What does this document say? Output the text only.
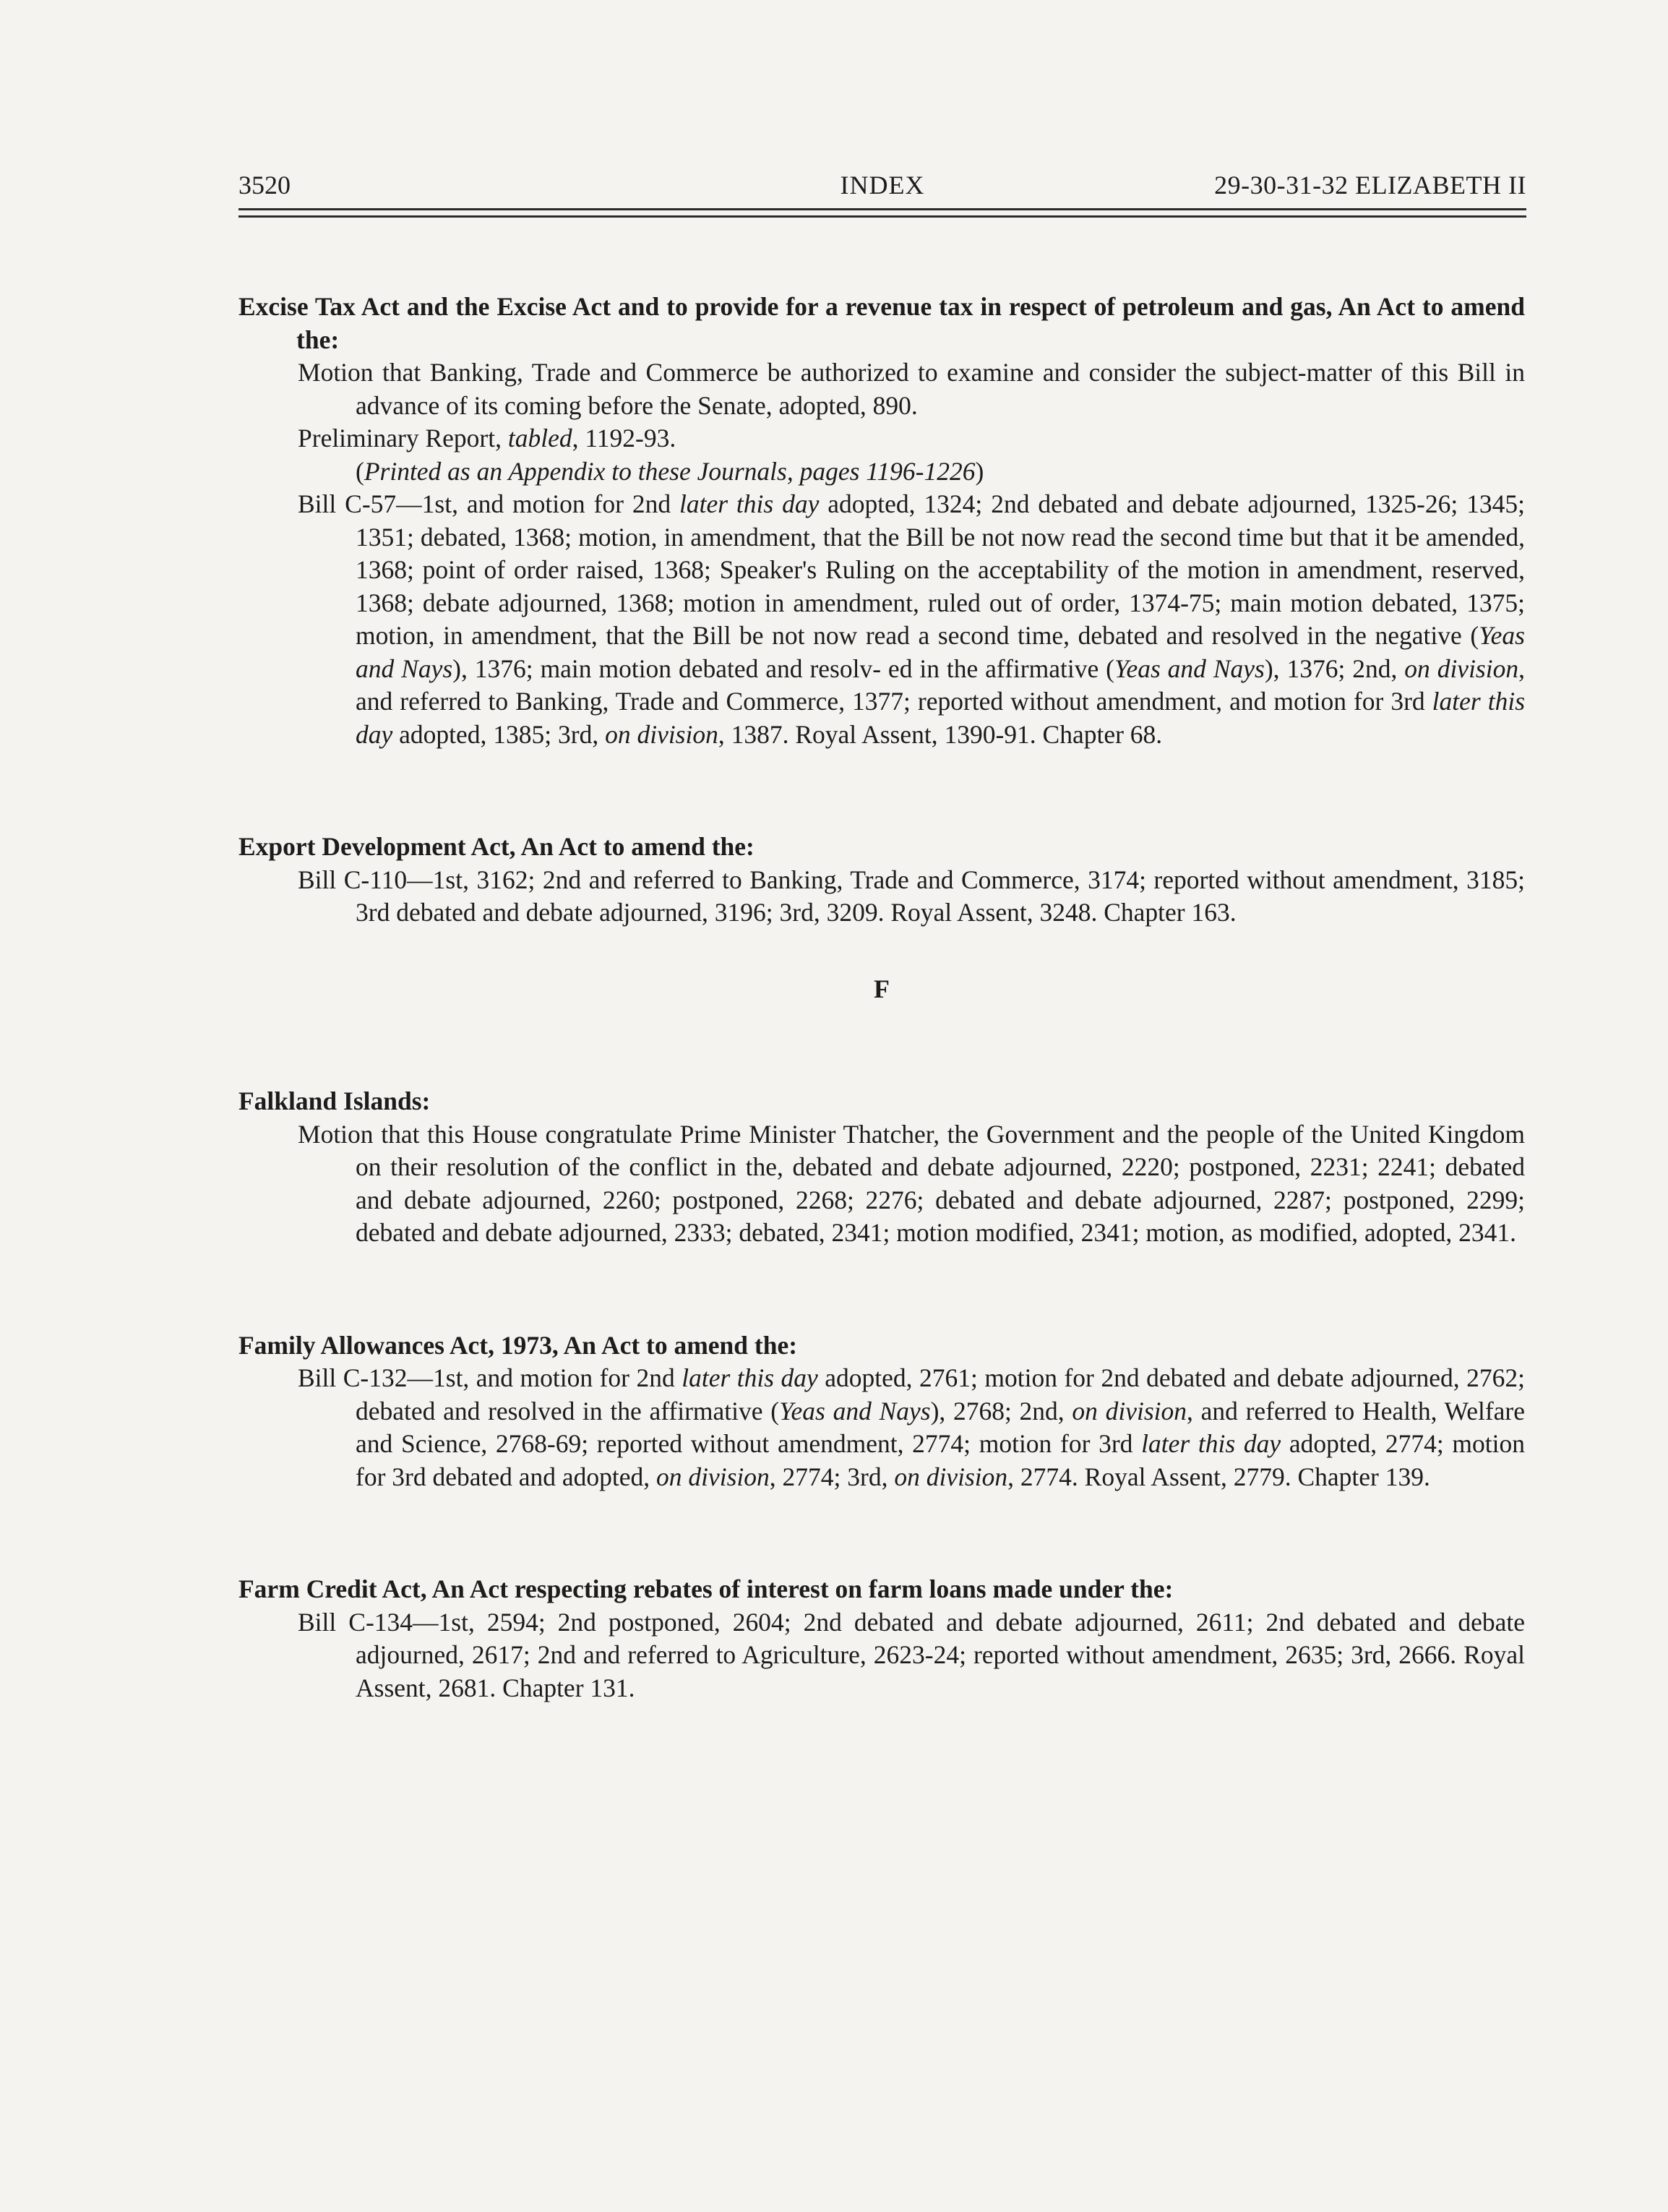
3520	INDEX	29-30-31-32 ELIZABETH II
Excise Tax Act and the Excise Act and to provide for a revenue tax in respect of petroleum and gas, An Act to amend the:
Motion that Banking, Trade and Commerce be authorized to examine and consider the subject-matter of this Bill in advance of its coming before the Senate, adopted, 890.
Preliminary Report, tabled, 1192-93.
(Printed as an Appendix to these Journals, pages 1196-1226)
Bill C-57—1st, and motion for 2nd later this day adopted, 1324; 2nd debated and debate adjourned, 1325-26; 1345; 1351; debated, 1368; motion, in amendment, that the Bill be not now read the second time but that it be amended, 1368; point of order raised, 1368; Speaker's Ruling on the acceptability of the motion in amendment, reserved, 1368; debate adjourned, 1368; motion in amendment, ruled out of order, 1374-75; main motion debated, 1375; motion, in amendment, that the Bill be not now read a second time, debated and resolved in the negative (Yeas and Nays), 1376; main motion debated and resolv- ed in the affirmative (Yeas and Nays), 1376; 2nd, on division, and referred to Banking, Trade and Commerce, 1377; reported without amendment, and motion for 3rd later this day adopted, 1385; 3rd, on division, 1387. Royal Assent, 1390-91. Chapter 68.
Export Development Act, An Act to amend the:
Bill C-110—1st, 3162; 2nd and referred to Banking, Trade and Commerce, 3174; reported without amendment, 3185; 3rd debated and debate adjourned, 3196; 3rd, 3209. Royal Assent, 3248. Chapter 163.
F
Falkland Islands:
Motion that this House congratulate Prime Minister Thatcher, the Government and the people of the United Kingdom on their resolution of the conflict in the, debated and debate adjourned, 2220; postponed, 2231; 2241; debated and debate adjourned, 2260; postponed, 2268; 2276; debated and debate adjourned, 2287; postponed, 2299; debated and debate adjourned, 2333; debated, 2341; motion modified, 2341; motion, as modified, adopted, 2341.
Family Allowances Act, 1973, An Act to amend the:
Bill C-132—1st, and motion for 2nd later this day adopted, 2761; motion for 2nd debated and debate adjourned, 2762; debated and resolved in the affirmative (Yeas and Nays), 2768; 2nd, on division, and referred to Health, Welfare and Science, 2768-69; reported without amendment, 2774; motion for 3rd later this day adopted, 2774; motion for 3rd debated and adopted, on division, 2774; 3rd, on division, 2774. Royal Assent, 2779. Chapter 139.
Farm Credit Act, An Act respecting rebates of interest on farm loans made under the:
Bill C-134—1st, 2594; 2nd postponed, 2604; 2nd debated and debate adjourned, 2611; 2nd debated and debate adjourned, 2617; 2nd and referred to Agriculture, 2623-24; reported without amendment, 2635; 3rd, 2666. Royal Assent, 2681. Chapter 131.
